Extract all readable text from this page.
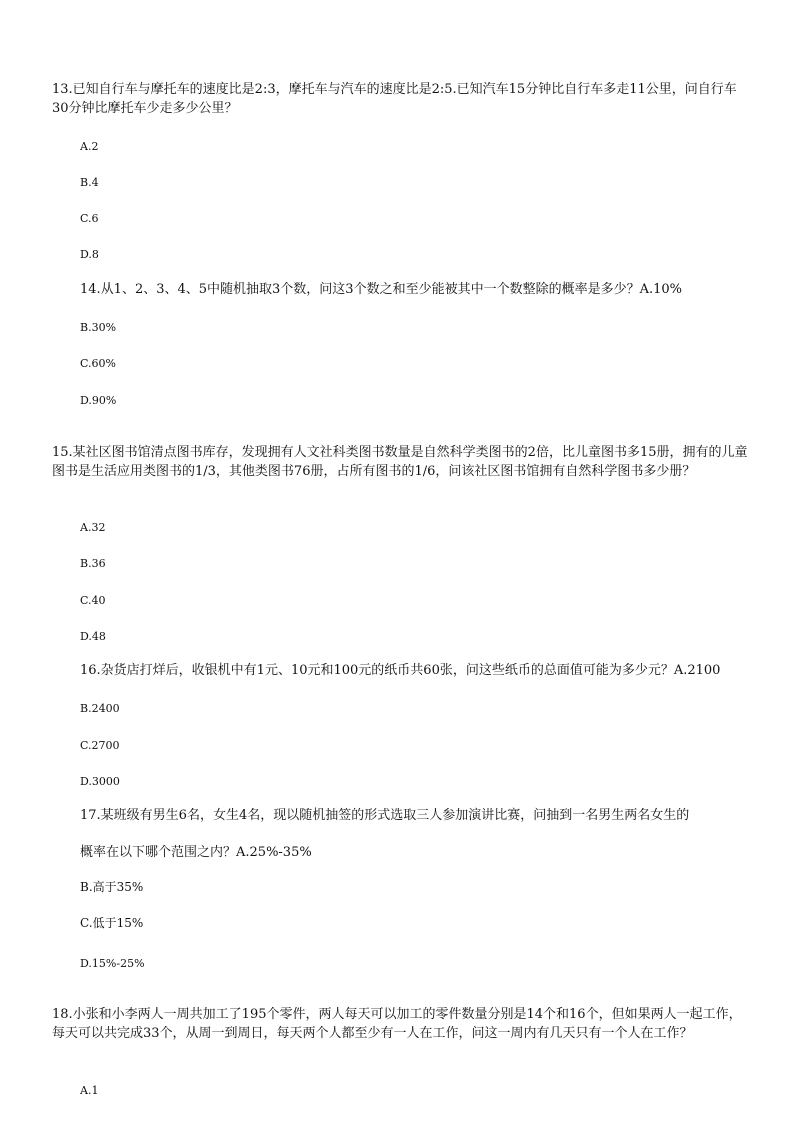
13.已知自行车与摩托车的速度比是2:3，摩托车与汽车的速度比是2:5.已知汽车15分钟比自行车多走11公里，问自行车30分钟比摩托车少走多少公里？

A.2

B.4

C.6

D.8

14.从1、2、3、4、5中随机抽取3个数，问这3个数之和至少能被其中一个数整除的概率是多少？A.10%

B.30%

C.60%

D.90%

15.某社区图书馆清点图书库存，发现拥有人文社科类图书数量是自然科学类图书的2倍，比儿童图书多15册，拥有的儿童图书是生活应用类图书的1/3，其他类图书76册，占所有图书的1/6，问该社区图书馆拥有自然科学图书多少册？

A.32

B.36

C.40

D.48

16.杂货店打烊后，收银机中有1元、10元和100元的纸币共60张，问这些纸币的总面值可能为多少元？A.2100

B.2400

C.2700

D.3000

17.某班级有男生6名，女生4名，现以随机抽签的形式选取三人参加演讲比赛，问抽到一名男生两名女生的

概率在以下哪个范围之内？A.25%-35%

B.高于35%

C.低于15%

D.15%-25%

18.小张和小李两人一周共加工了195个零件，两人每天可以加工的零件数量分别是14个和16个，但如果两人一起工作，每天可以共完成33个，从周一到周日，每天两个人都至少有一人在工作，问这一周内有几天只有一个人在工作？

A.1
